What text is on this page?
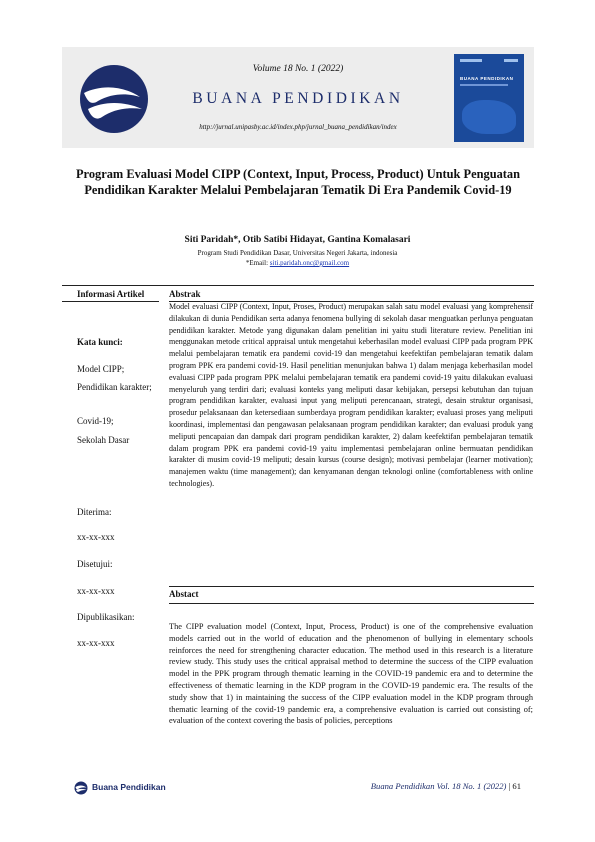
Volume 18 No. 1 (2022)
BUANA PENDIDIKAN
http://jurnal.unipasby.ac.id/index.php/jurnal_buana_pendidikan/index
BUANA PENDIDIKAN
Program Evaluasi Model CIPP (Context, Input, Process, Product) Untuk Penguatan Pendidikan Karakter Melalui Pembelajaran Tematik Di Era Pandemik Covid-19
Siti Paridah*, Otib Satibi Hidayat, Gantina Komalasari
Program Studi Pendidikan Dasar, Universitas Negeri Jakarta, indonesia
*Email: siti.paridah.onc@gmail.com
Informasi Artikel	Abstrak
Kata kunci:
Model CIPP;
Pendidikan karakter;
Covid-19;
Sekolah Dasar
Diterima:
xx-xx-xxx
Disetujui:
xx-xx-xxx
Dipublikasikan:
xx-xx-xxx
Model evaluasi CIPP (Context, Input, Proses, Product) merupakan salah satu model evaluasi yang komprehensif dilakukan di dunia Pendidikan serta adanya fenomena bullying di sekolah dasar menguatkan perlunya penguatan pendidikan karakter. Metode yang digunakan dalam penelitian ini yaitu studi literature review. Penelitian ini menggunakan metode critical appraisal untuk mengetahui keberhasilan model evaluasi CIPP pada program PPK melalui pembelajaran tematik era pandemi covid-19 dan mengetahui keefektifan pembelajaran tematik dalam program PPK era pandemi covid-19. Hasil penelitian menunjukan bahwa 1) dalam menjaga keberhasilan model evaluasi CIPP pada program PPK melalui pembelajaran tematik era pandemi covid-19 yaitu dilakukan evaluasi menyeluruh yang terdiri dari; evaluasi konteks yang meliputi dasar kebijakan, persepsi kebutuhan dan tujuan program pendidikan karakter, evaluasi input yang meliputi perencanaan, strategi, desain struktur organisasi, prosedur pelaksanaan dan ketersediaan sumberdaya program pendidikan karakter; evaluasi proses yang meliputi koordinasi, implementasi dan pengawasan pelaksanaan program pendidikan karakter; dan evaluasi produk yang meliputi pencapaian dan dampak dari program pendidikan karakter, 2) dalam keefektifan pembelajaran tematik dalam program PPK era pandemi covid-19 yaitu implementasi pembelajaran online bermuatan pendidikan karakter di musim covid-19 meliputi; desain kursus (course design); motivasi pembelajar (learner motivation); manajemen waktu (time management); dan kenyamanan dengan teknologi online (comfortableness with online technologies).
Abstact
The CIPP evaluation model (Context, Input, Process, Product) is one of the comprehensive evaluation models carried out in the world of education and the phenomenon of bullying in elementary schools reinforces the need for strengthening character education. The method used in this research is a literature review study. This study uses the critical appraisal method to determine the success of the CIPP evaluation model in the PPK program through thematic learning in the COVID-19 pandemic era and to determine the effectiveness of thematic learning in the KDP program in the COVID-19 pandemic era. The results of the study show that 1) in maintaining the success of the CIPP evaluation model in the KDP program through thematic learning of the covid-19 pandemic era, a comprehensive evaluation is carried out consisting of; evaluation of the context covering the basis of policies, perceptions
Buana Pendidikan	Buana Pendidikan Vol. 18 No. 1 (2022) | 61
